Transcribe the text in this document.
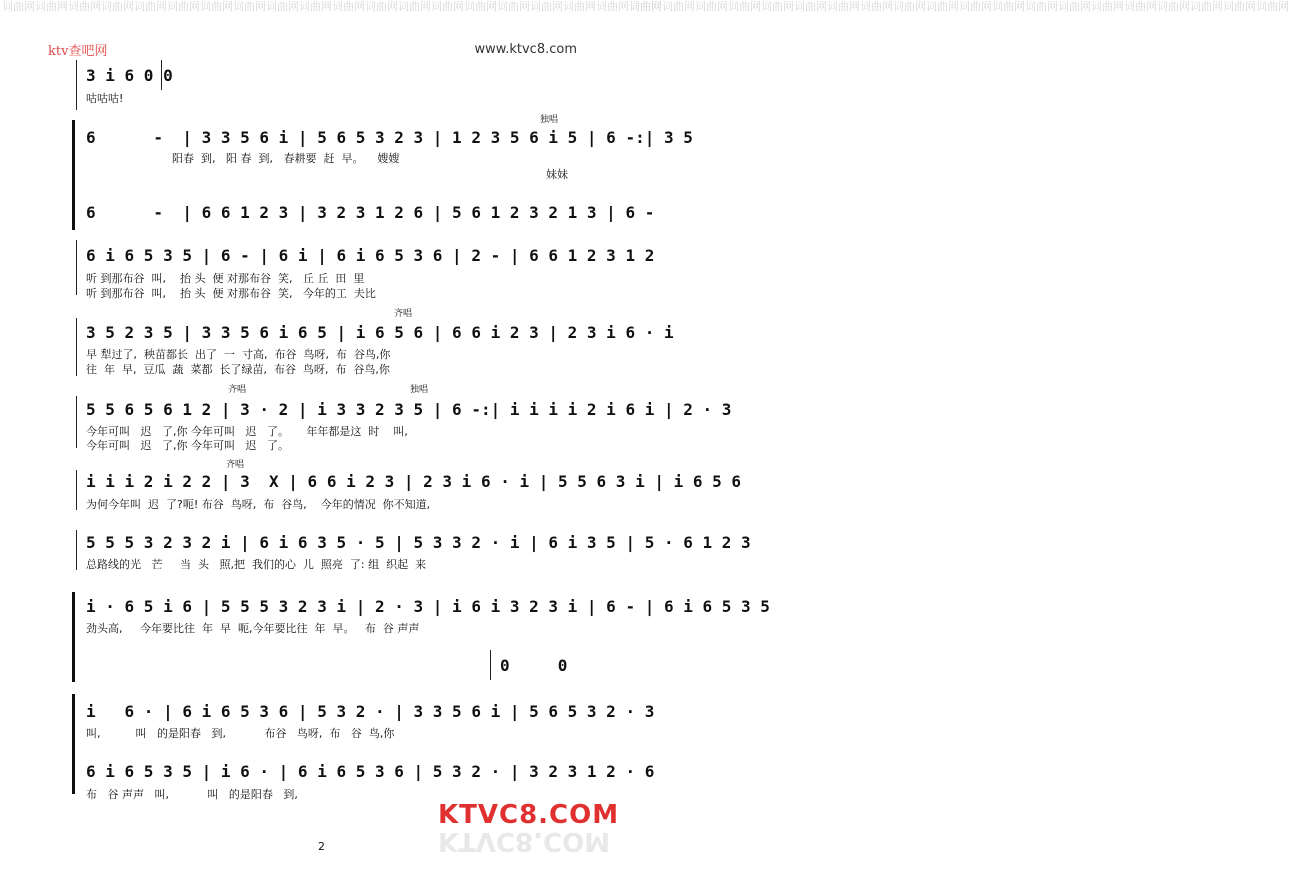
词曲网词曲网词曲网词曲网词曲网词曲网词曲网词曲网词曲网词曲网词曲网词曲网词曲网词曲网词曲网词曲网词曲网词曲网词曲网词曲网
词曲网词曲网词曲网词曲网词曲网词曲网词曲网词曲网词曲网词曲网词曲网词曲网词曲网词曲网词曲网词曲网词曲网词曲网词曲网词曲网
ktv查吧网	www.ktvc8.com
3 i 6 0 0
咕咕咕!
独唱
6      -  | 3 3 5 6 i | 5 6 5 3 2 3 | 1 2 3 5 6 i 5 | 6 -:| 3 5
阳春  到,   阳 春  到,   春耕要  赶  早。    嫂嫂
妹妹
6      -  | 6 6 1 2 3 | 3 2 3 1 2 6 | 5 6 1 2 3 2 1 3 | 6 -
6 i 6 5 3 5 | 6 - | 6 i | 6 i 6 5 3 6 | 2 - | 6 6 1 2 3 1 2
听 到那布谷  叫,    抬 头  便 对那布谷  笑,   丘 丘  田  里
听 到那布谷  叫,    抬 头  便 对那布谷  笑,   今年的工  夫比
齐唱
3 5 2 3 5 | 3 3 5 6 i 6 5 | i 6 5 6 | 6 6 i 2 3 | 2 3 i 6 · i
早 犁过了,  秧苗都长  出了  一  寸高,  布谷  鸟呀,  布  谷鸟,你
往  年  早,  豆瓜  蔬  菜都  长了绿苗,  布谷  鸟呀,  布  谷鸟,你
齐唱	独唱
5 5 6 5 6 1 2 | 3 · 2 | i 3 3 2 3 5 | 6 -:| i i i i 2 i 6 i | 2 · 3
今年可叫   迟   了,你 今年可叫   迟   了。     年年都是这  时    叫,
今年可叫   迟   了,你 今年可叫   迟   了。
齐唱
i i i 2 i 2 2 | 3  X | 6 6 i 2 3 | 2 3 i 6 · i | 5 5 6 3 i | i 6 5 6
为何今年叫  迟  了?呃! 布谷  鸟呀,  布  谷鸟,    今年的情况  你不知道,
5 5 5 3 2 3 2 i | 6 i 6 3 5 · 5 | 5 3 3 2 · i | 6 i 3 5 | 5 · 6 1 2 3
总路线的光   芒     当  头   照,把  我们的心  儿  照亮  了: 组  织起  来
i · 6 5 i 6 | 5 5 5 3 2 3 i | 2 · 3 | i 6 i 3 2 3 i | 6 - | 6 i 6 5 3 5
劲头高,     今年要比往  年  早  呃,今年要比往  年  早。   布  谷 声声
0     0
i   6 · | 6 i 6 5 3 6 | 5 3 2 · | 3 3 5 6 i | 5 6 5 3 2 · 3
叫,          叫   的是阳春   到,           布谷   鸟呀,  布   谷  鸟,你
6 i 6 5 3 5 | i 6 · | 6 i 6 5 3 6 | 5 3 2 · | 3 2 3 1 2 · 6
布   谷 声声   叫,           叫   的是阳春   到,
KTVC8.COM
KTVC8.COM
2
